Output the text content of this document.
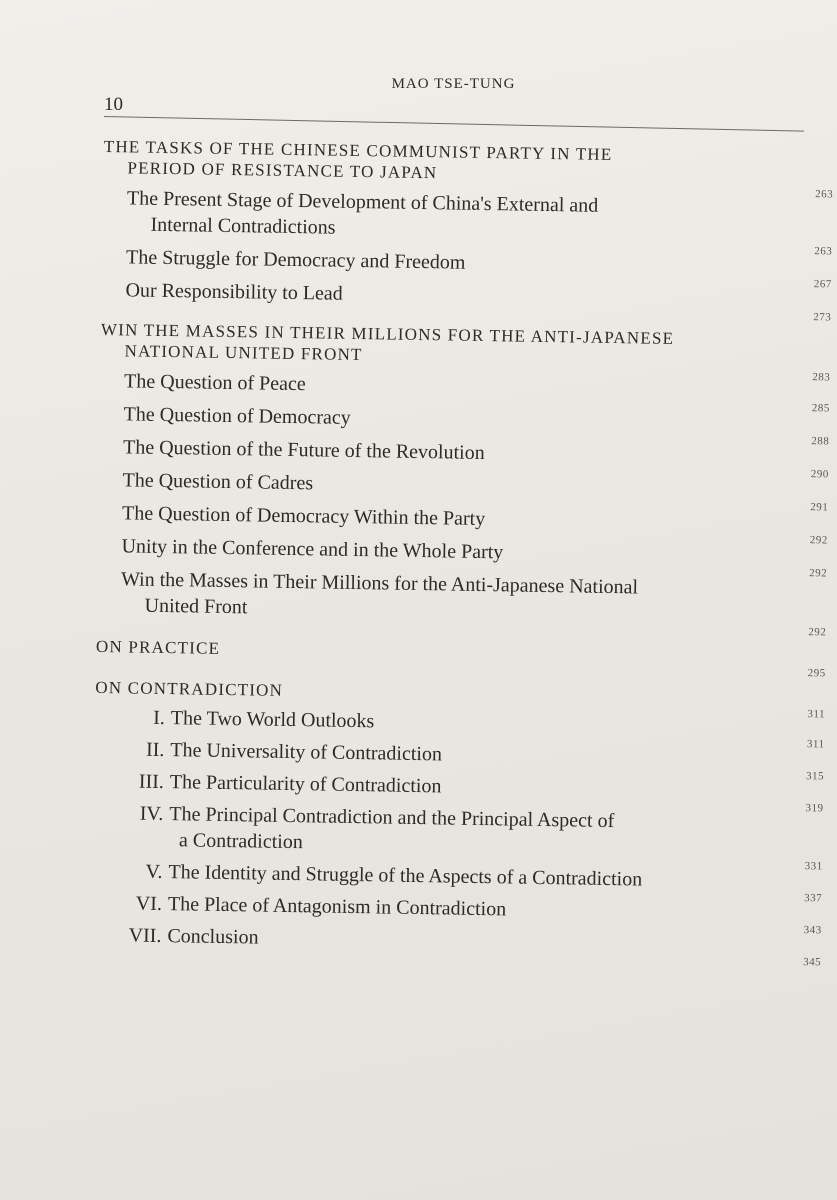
MAO TSE-TUNG
10
THE TASKS OF THE CHINESE COMMUNIST PARTY IN THE
PERIOD OF RESISTANCE TO JAPAN
263
The Present Stage of Development of China's External and
Internal Contradictions
263
The Struggle for Democracy and Freedom
267
Our Responsibility to Lead
273
WIN THE MASSES IN THEIR MILLIONS FOR THE ANTI-JAPANESE
NATIONAL UNITED FRONT
283
The Question of Peace
285
The Question of Democracy
288
The Question of the Future of the Revolution
290
The Question of Cadres
291
The Question of Democracy Within the Party
292
Unity in the Conference and in the Whole Party
292
Win the Masses in Their Millions for the Anti-Japanese National
United Front
292
ON PRACTICE
295
ON CONTRADICTION
311
I. The Two World Outlooks
311
II. The Universality of Contradiction
315
III. The Particularity of Contradiction
319
IV. The Principal Contradiction and the Principal Aspect of
a Contradiction
331
V. The Identity and Struggle of the Aspects of a Contradiction
337
VI. The Place of Antagonism in Contradiction
343
VII. Conclusion
345
